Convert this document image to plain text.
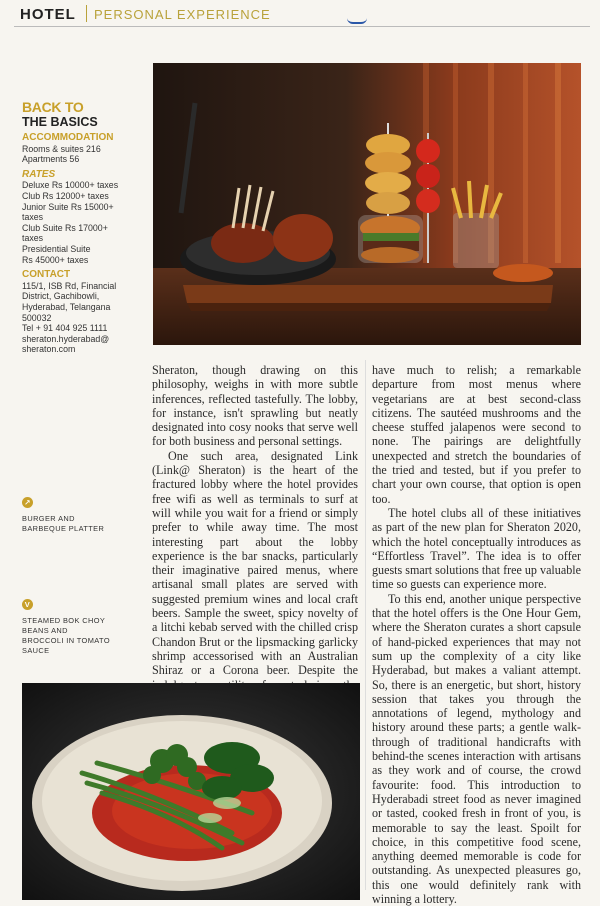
HOTEL PERSONAL EXPERIENCE
BACK TO
THE BASICS
ACCOMMODATION
Rooms & suites 216
Apartments 56
RATES
Deluxe Rs 10000+ taxes
Club Rs 12000+ taxes
Junior Suite Rs 15000+
taxes
Club Suite Rs 17000+
taxes
Presidential Suite
Rs 45000+ taxes
CONTACT
115/1, ISB Rd, Financial
District, Gachibowli,
Hyderabad, Telangana
500032
Tel + 91 404 925 1111
sheraton.hyderabad@
sheraton.com
↗
BURGER AND
BARBEQUE PLATTER
V
STEAMED BOK CHOY
BEANS AND
BROCCOLI IN TOMATO
SAUCE

Sheraton, though drawing on this philosophy, weighs in with more subtle inferences, reflected tastefully. The lobby, for instance, isn't sprawling but neatly designated into cosy nooks that serve well for both business and personal settings.

One such area, designated Link (Link@ Sheraton) is the heart of the fractured lobby where the hotel provides free wifi as well as terminals to surf at will while you wait for a friend or simply prefer to while away time. The most interesting part about the lobby experience is the bar snacks, particularly their imaginative paired menus, where artisanal small plates are served with suggested premium wines and local craft beers. Sample the sweet, spicy novelty of a litchi kebab served with the chilled crisp Chandon Brut or the lipsmacking garlicky shrimp accessorised with an Australian Shiraz or a Corona beer. Despite the

have much to relish; a remarkable departure from most menus where vegetarians are at best second-class citizens. The sautéed mushrooms and the cheese stuffed jalapenos were second to none. The pairings are delightfully unexpected and stretch the boundaries of the tried and tested, but if you prefer to chart your own course, that option is open too.

The hotel clubs all of these initiatives as part of the new plan for Sheraton 2020, which the hotel conceptually introduces as “Effortless Travel”. The idea is to offer guests smart solutions that free up valuable time so guests can experience more.

To this end, another unique perspective that the hotel offers is the One Hour Gem, where the Sheraton curates a short capsule of hand-picked experiences that may not sum up the complexity of a city like Hyderabad, but makes a valiant attempt. So, there is an energetic, but short, history session that takes you through the annotations of legend, mythology and history around these parts; a gentle walk-through of traditional handicrafts with behind-the scenes interaction with artisans as they work and of course, the crowd favourite: food. This introduction to Hyderabadi street food as never imagined or tasted, cooked fresh in front of you, is memorable to say the least. Spoilt for choice, in this competitive food scene, anything deemed memorable is code for outstanding. As unexpected pleasures go, this one would definitely rank with winning a lottery.
